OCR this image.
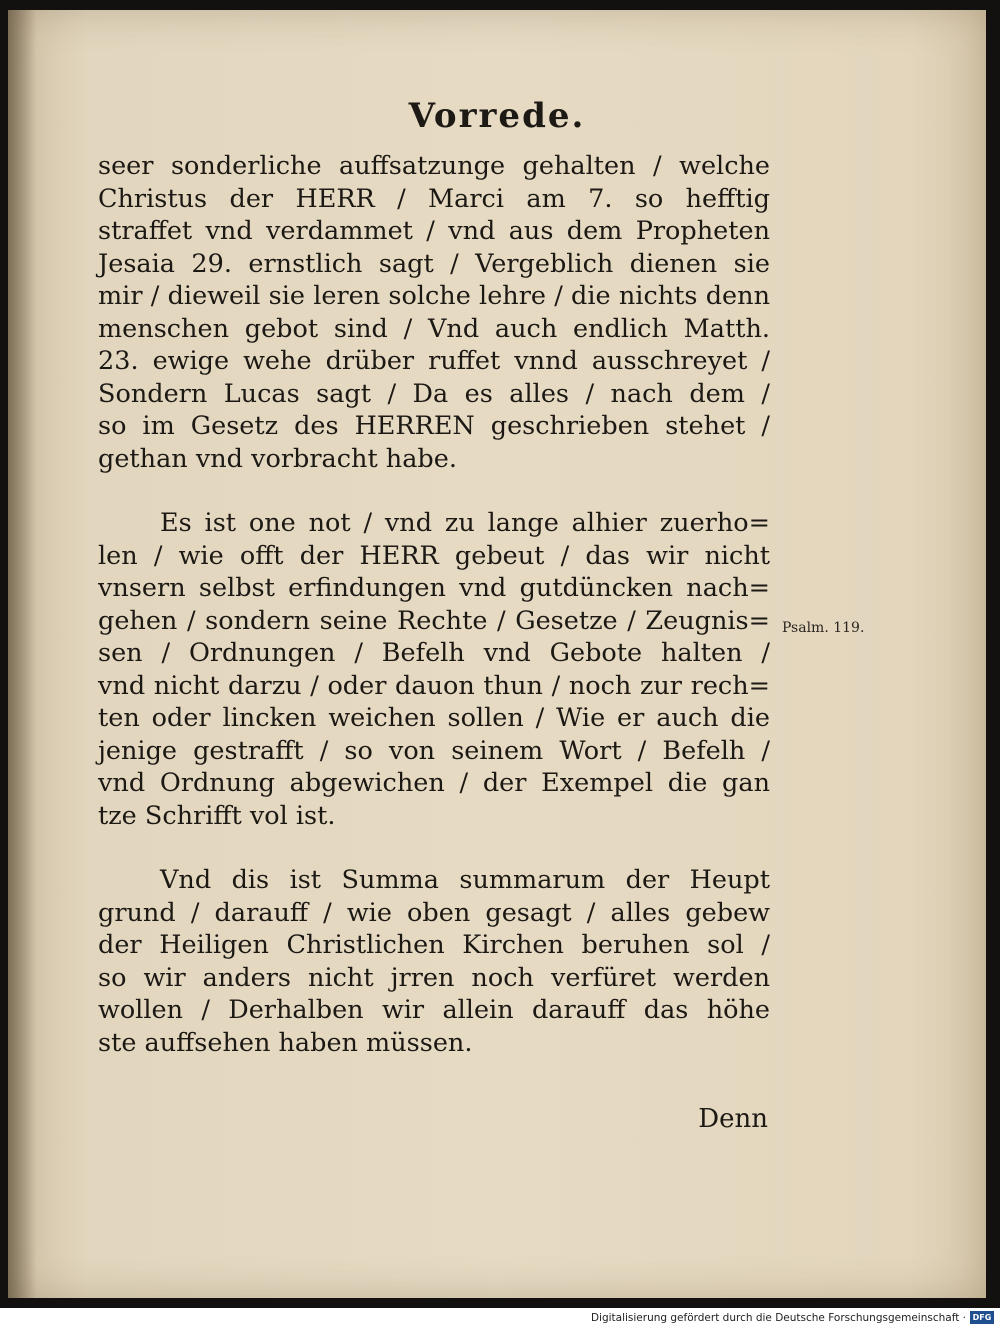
Vorrede.
seer sonderliche auffsatzunge gehalten / welche
Christus der HERR / Marci am 7. so hefftig
straffet vnd verdammet / vnd aus dem Propheten
Jesaia 29. ernstlich sagt / Vergeblich dienen sie
mir / dieweil sie leren solche lehre / die nichts denn
menschen gebot sind / Vnd auch endlich Matth.
23. ewige wehe drüber ruffet vnnd ausschreyet /
Sondern Lucas sagt / Da es alles / nach dem /
so im Gesetz des HERREN geschrieben stehet /
gethan vnd vorbracht habe.
Es ist one not / vnd zu lange alhier zuerho=
len / wie offt der HERR gebeut / das wir nicht
vnsern selbst erfindungen vnd gutdüncken nach=
gehen / sondern seine Rechte / Gesetze / Zeugnis=
sen / Ordnungen / Befelh vnd Gebote halten /
vnd nicht darzu / oder dauon thun / noch zur rech=
ten oder lincken weichen sollen / Wie er auch die
jenige gestrafft / so von seinem Wort / Befelh /
vnd Ordnung abgewichen / der Exempel die gan
tze Schrifft vol ist.
Vnd dis ist Summa summarum der Heupt
grund / darauff / wie oben gesagt / alles gebew
der Heiligen Christlichen Kirchen beruhen sol /
so wir anders nicht jrren noch verfüret werden
wollen / Derhalben wir allein darauff das höhe
ste auffsehen haben müssen.
Psalm. 119.
Denn
Digitalisierung gefördert durch die Deutsche Forschungsgemeinschaft · DFG
